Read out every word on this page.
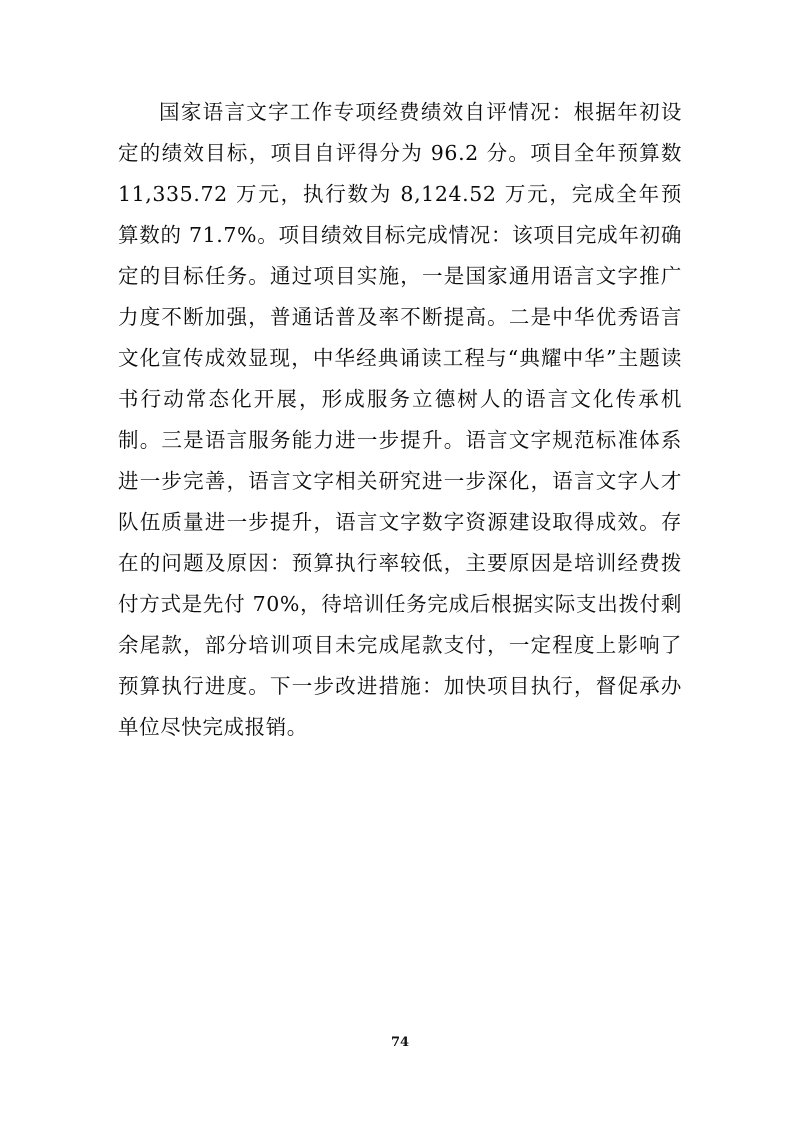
国家语言文字工作专项经费绩效自评情况：根据年初设定的绩效目标，项目自评得分为 96.2 分。项目全年预算数 11,335.72 万元，执行数为 8,124.52 万元，完成全年预算数的 71.7%。项目绩效目标完成情况：该项目完成年初确定的目标任务。通过项目实施，一是国家通用语言文字推广力度不断加强，普通话普及率不断提高。二是中华优秀语言文化宣传成效显现，中华经典诵读工程与“典耀中华”主题读书行动常态化开展，形成服务立德树人的语言文化传承机制。三是语言服务能力进一步提升。语言文字规范标准体系进一步完善，语言文字相关研究进一步深化，语言文字人才队伍质量进一步提升，语言文字数字资源建设取得成效。存在的问题及原因：预算执行率较低，主要原因是培训经费拨付方式是先付 70%，待培训任务完成后根据实际支出拨付剩余尾款，部分培训项目未完成尾款支付，一定程度上影响了预算执行进度。下一步改进措施：加快项目执行，督促承办单位尽快完成报销。

74
